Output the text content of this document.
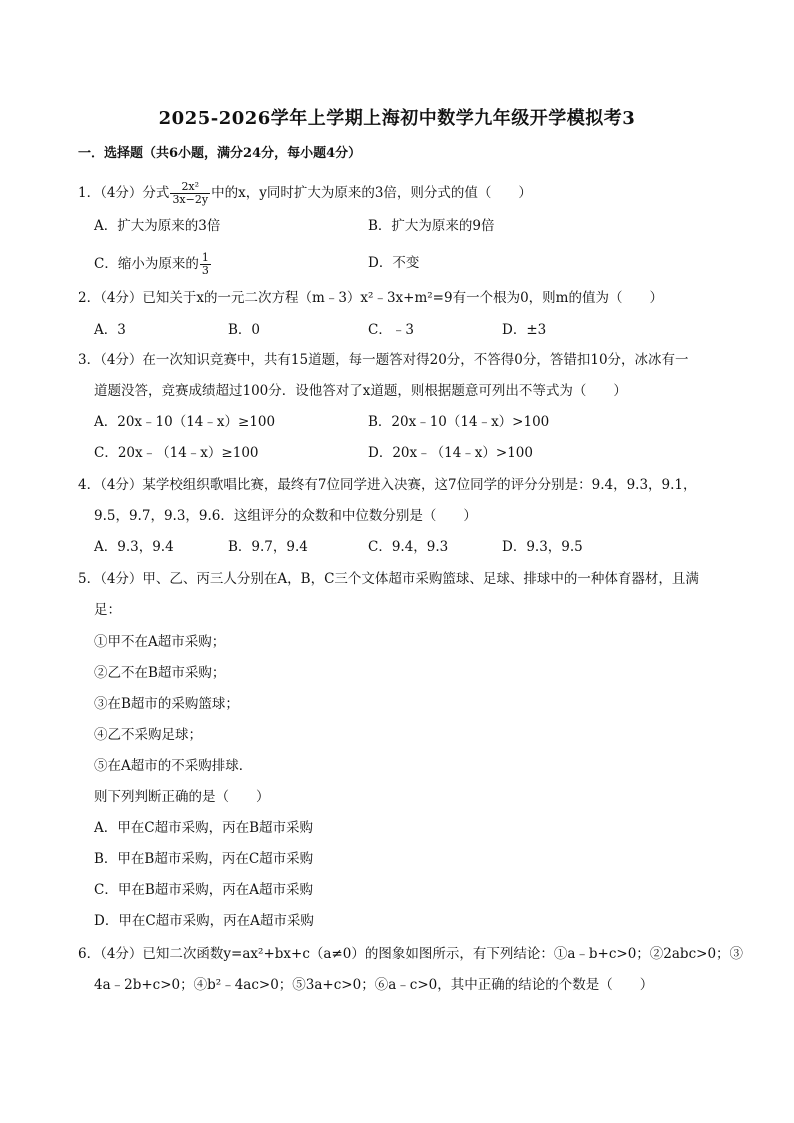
2025-2026学年上学期上海初中数学九年级开学模拟考3
一．选择题（共6小题，满分24分，每小题4分）
1．（4分）分式 $\frac{\text{2x²}}{3x-2y}$ 中的x，y同时扩大为原来的3倍，则分式的值（　　）
A．扩大为原来的3倍	B．扩大为原来的9倍
C．缩小为原来的 $\frac{1}{3}$	D．不变
2．（4分）已知关于x的一元二次方程（m﹣3）x²﹣3x+m²=9有一个根为0，则m的值为（　　）
A．3	B．0	C．﹣3	D．±3
3．（4分）在一次知识竞赛中，共有15道题，每一题答对得20分，不答得0分，答错扣10分，冰冰有一
道题没答，竞赛成绩超过100分．设他答对了x道题，则根据题意可列出不等式为（　　）
A．20x﹣10（14﹣x）≥100	B．20x﹣10（14﹣x）>100
C．20x﹣（14﹣x）≥100	D．20x﹣（14﹣x）>100
4．（4分）某学校组织歌唱比赛，最终有7位同学进入决赛，这7位同学的评分分别是：9.4，9.3，9.1，
9.5，9.7，9.3，9.6．这组评分的众数和中位数分别是（　　）
A．9.3，9.4	B．9.7，9.4	C．9.4，9.3	D．9.3，9.5
5．（4分）甲、乙、丙三人分别在A，B，C三个文体超市采购篮球、足球、排球中的一种体育器材，且满
足：
①甲不在A超市采购；
②乙不在B超市采购；
③在B超市的采购篮球；
④乙不采购足球；
⑤在A超市的不采购排球．
则下列判断正确的是（　　）
A．甲在C超市采购，丙在B超市采购
B．甲在B超市采购，丙在C超市采购
C．甲在B超市采购，丙在A超市采购
D．甲在C超市采购，丙在A超市采购
6．（4分）已知二次函数y=ax²+bx+c（a≠0）的图象如图所示，有下列结论：①a﹣b+c>0；②2abc>0；③
4a﹣2b+c>0；④b²﹣4ac>0；⑤3a+c>0；⑥a﹣c>0，其中正确的结论的个数是（　　）
